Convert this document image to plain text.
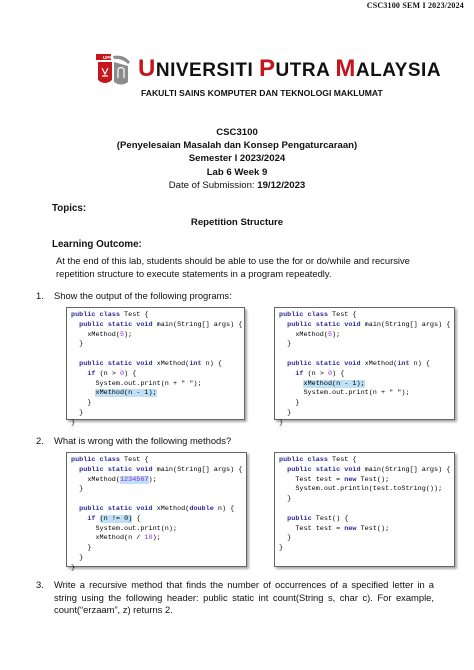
CSC3100 SEM I 2023/2024
UPM UNIVERSITI PUTRA MALAYSIA
FAKULTI SAINS KOMPUTER DAN TEKNOLOGI MAKLUMAT
CSC3100
(Penyelesaian Masalah dan Konsep Pengaturcaraan)
Semester I 2023/2024
Lab 6 Week 9
Date of Submission: 19/12/2023
Topics:
Repetition Structure
Learning Outcome:
At the end of this lab, students should be able to use the for or do/while and recursive repetition structure to execute statements in a program repeatedly.
1. Show the output of the following programs:
public class Test {
public static void main(String[] args) {
xMethod(5);
}

public static void xMethod(int n) {
if (n > 0) {
System.out.print(n + " ");
xMethod(n - 1);
}
}
}
public class Test {
public static void main(String[] args) {
xMethod(5);
}

public static void xMethod(int n) {
if (n > 0) {
xMethod(n - 1);
System.out.print(n + " ");
}
}
}
2. What is wrong with the following methods?
public class Test {
public static void main(String[] args) {
xMethod(1234567);
}

public static void xMethod(double n) {
if (n != 0) {
System.out.print(n);
xMethod(n / 10);
}
}
}
public class Test {
public static void main(String[] args) {
Test test = new Test();
System.out.println(test.toString());
}

public Test() {
Test test = new Test();
}
}
3. Write a recursive method that finds the number of occurrences of a specified letter in a string using the following header: public static int count(String s, char c). For example, count(“erzaam”, z) returns 2.
